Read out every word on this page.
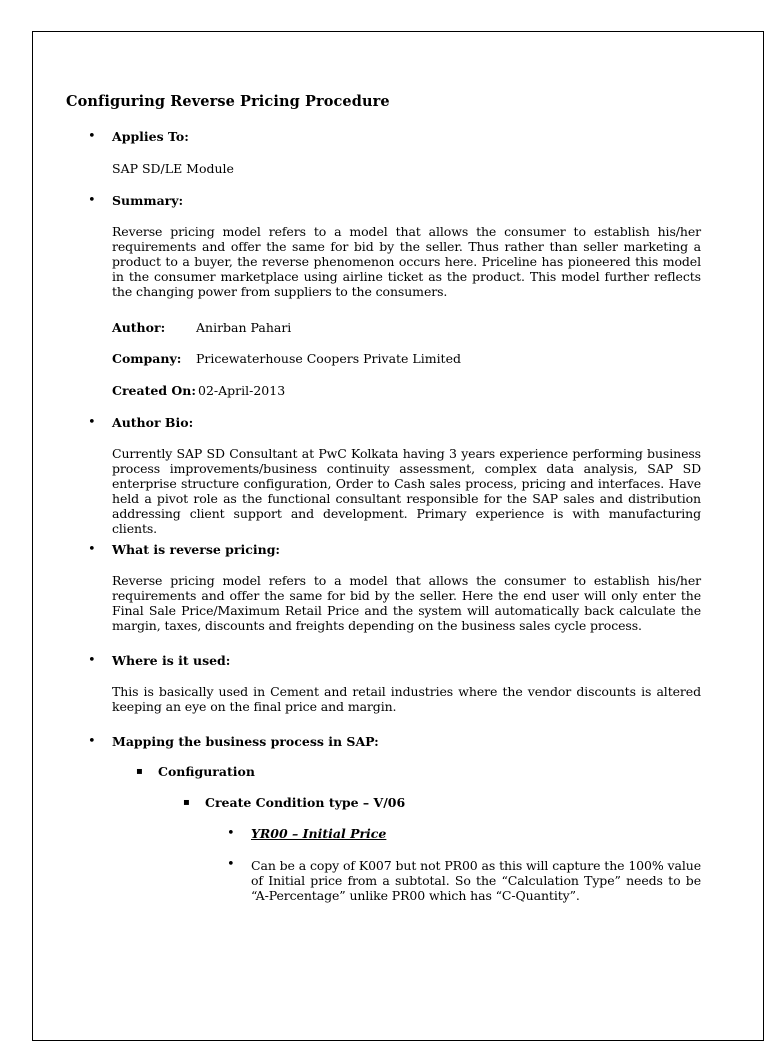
Configuring Reverse Pricing Procedure
• Applies To:
SAP SD/LE Module
• Summary:
Reverse pricing model refers to a model that allows the consumer to establish his/her requirements and offer the same for bid by the seller. Thus rather than seller marketing a product to a buyer, the reverse phenomenon occurs here. Priceline has pioneered this model in the consumer marketplace using airline ticket as the product. This model further reflects the changing power from suppliers to the consumers.
Author: Anirban Pahari
Company: Pricewaterhouse Coopers Private Limited
Created On: 02-April-2013
• Author Bio:
Currently SAP SD Consultant at PwC Kolkata having 3 years experience performing business process improvements/business continuity assessment, complex data analysis, SAP SD enterprise structure configuration, Order to Cash sales process, pricing and interfaces. Have held a pivot role as the functional consultant responsible for the SAP sales and distribution addressing client support and development. Primary experience is with manufacturing clients.
• What is reverse pricing:
Reverse pricing model refers to a model that allows the consumer to establish his/her requirements and offer the same for bid by the seller. Here the end user will only enter the Final Sale Price/Maximum Retail Price and the system will automatically back calculate the margin, taxes, discounts and freights depending on the business sales cycle process.
• Where is it used:
This is basically used in Cement and retail industries where the vendor discounts is altered keeping an eye on the final price and margin.
• Mapping the business process in SAP:
▪ Configuration
▪ Create Condition type – V/06
• YR00 – Initial Price
• Can be a copy of K007 but not PR00 as this will capture the 100% value of Initial price from a subtotal. So the “Calculation Type” needs to be “A-Percentage” unlike PR00 which has “C-Quantity”.
